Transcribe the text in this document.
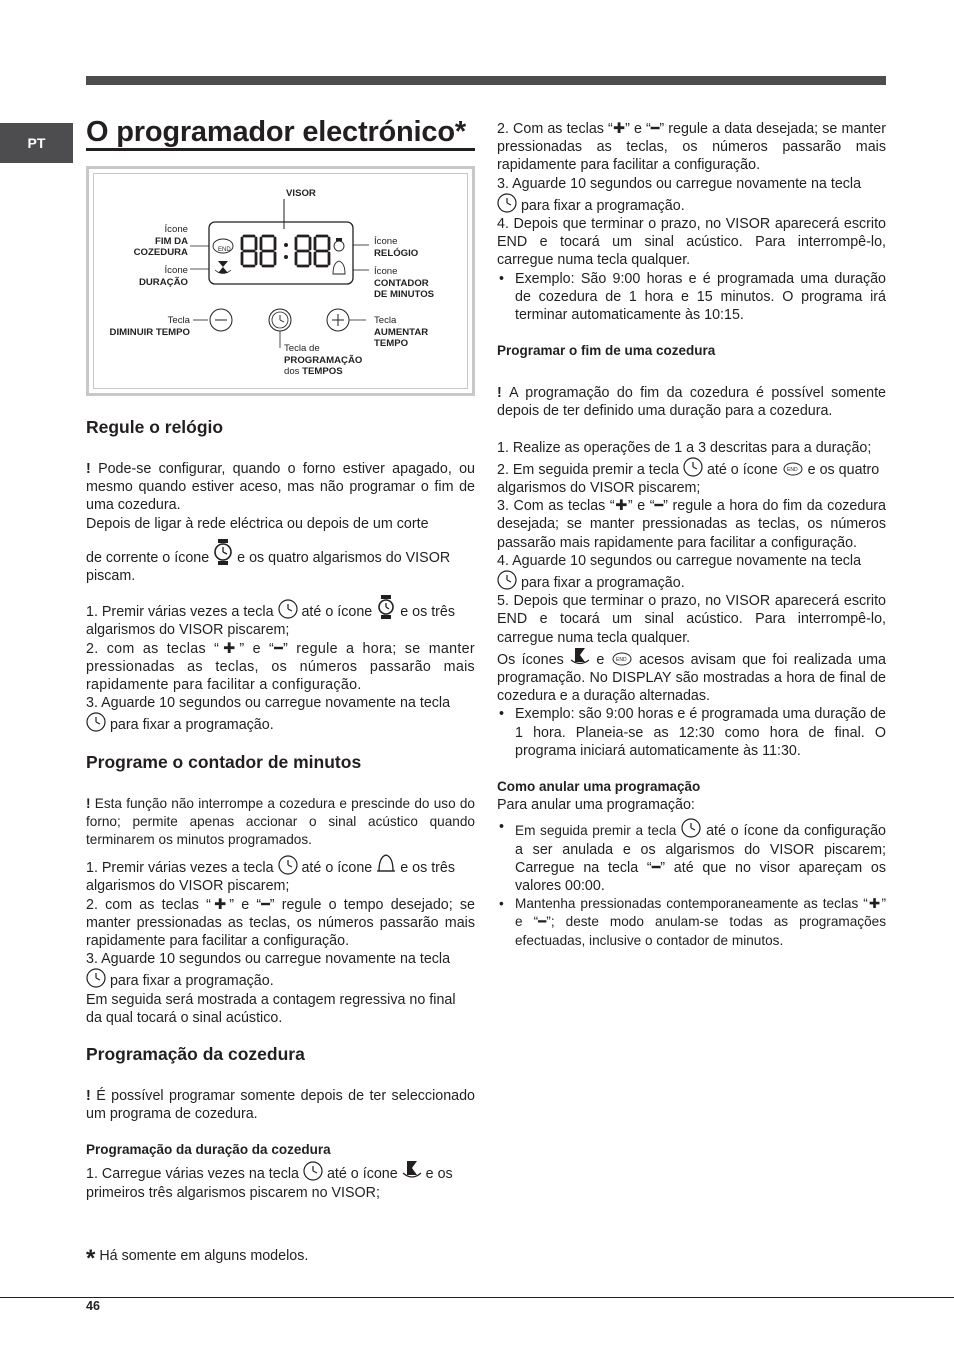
PT O programador electrónico*
VISOR
END
Ícone
FIM DA
COZEDURA
Ícone
DURAÇÃO
Ícone
RELÓGIO
Ícone
CONTADOR
DE MINUTOS
Tecla
DIMINUIR TEMPO
Tecla
AUMENTAR
TEMPO
Tecla de
PROGRAMAÇÃO
dos TEMPOS
Regule o relógio

! Pode-se configurar, quando o forno estiver apagado, ou mesmo quando estiver aceso, mas não programar o fim de uma cozedura.

Depois de ligar à rede eléctrica ou depois de um corte

de corrente o ícone e os quatro algarismos do VISOR piscam.

1. Premir várias vezes a tecla até o ícone e os três algarismos do VISOR piscarem;

2. com as teclas “✚” e “━” regule a hora; se manter pressionadas as teclas, os números passarão mais rapidamente para facilitar a configuração.

3. Aguarde 10 segundos ou carregue novamente na tecla

para fixar a programação.

Programe o contador de minutos

! Esta função não interrompe a cozedura e prescinde do uso do forno; permite apenas accionar o sinal acústico quando terminarem os minutos programados.

1. Premir várias vezes a tecla até o ícone e os três algarismos do VISOR piscarem;

2. com as teclas “✚” e “━” regule o tempo desejado; se manter pressionadas as teclas, os números passarão mais rapidamente para facilitar a configuração.

3. Aguarde 10 segundos ou carregue novamente na tecla

para fixar a programação.

Em seguida será mostrada a contagem regressiva no final da qual tocará o sinal acústico.

Programação da cozedura

! É possível programar somente depois de ter seleccionado um programa de cozedura.

Programação da duração da cozedura

1. Carregue várias vezes na tecla até o ícone e os primeiros três algarismos piscarem no VISOR;

2. Com as teclas “✚” e “━” regule a data desejada; se manter pressionadas as teclas, os números passarão mais rapidamente para facilitar a configuração.

3. Aguarde 10 segundos ou carregue novamente na tecla

para fixar a programação.

4. Depois que terminar o prazo, no VISOR aparecerá escrito END e tocará um sinal acústico. Para interrompê-lo, carregue numa tecla qualquer.

• Exemplo: São 9:00 horas e é programada uma duração de cozedura de 1 hora e 15 minutos. O programa irá terminar automaticamente às 10:15.
Programar o fim de uma cozedura

! A programação do fim da cozedura é possível somente depois de ter definido uma duração para a cozedura.

1. Realize as operações de 1 a 3 descritas para a duração;

2. Em seguida premir a tecla até o ícone END e os quatro algarismos do VISOR piscarem;

3. Com as teclas “✚” e “━” regule a hora do fim da cozedura desejada; se manter pressionadas as teclas, os números passarão mais rapidamente para facilitar a configuração.

4. Aguarde 10 segundos ou carregue novamente na tecla

para fixar a programação.

5. Depois que terminar o prazo, no VISOR aparecerá escrito END e tocará um sinal acústico. Para interrompê-lo, carregue numa tecla qualquer.

Os ícones e END acesos avisam que foi realizada uma programação. No DISPLAY são mostradas a hora de final de cozedura e a duração alternadas.

• Exemplo: são 9:00 horas e é programada uma duração de 1 hora. Planeia-se as 12:30 como hora de final. O programa iniciará automaticamente às 11:30.
Como anular uma programação

Para anular uma programação:

• Em seguida premir a tecla até o ícone da configuração a ser anulada e os algarismos do VISOR piscarem; Carregue na tecla “━” até que no visor apareçam os valores 00:00.
• Mantenha pressionadas contemporaneamente as teclas “✚” e “━”; deste modo anulam-se todas as programações efectuadas, inclusive o contador de minutos.
* Há somente em alguns modelos.
46
